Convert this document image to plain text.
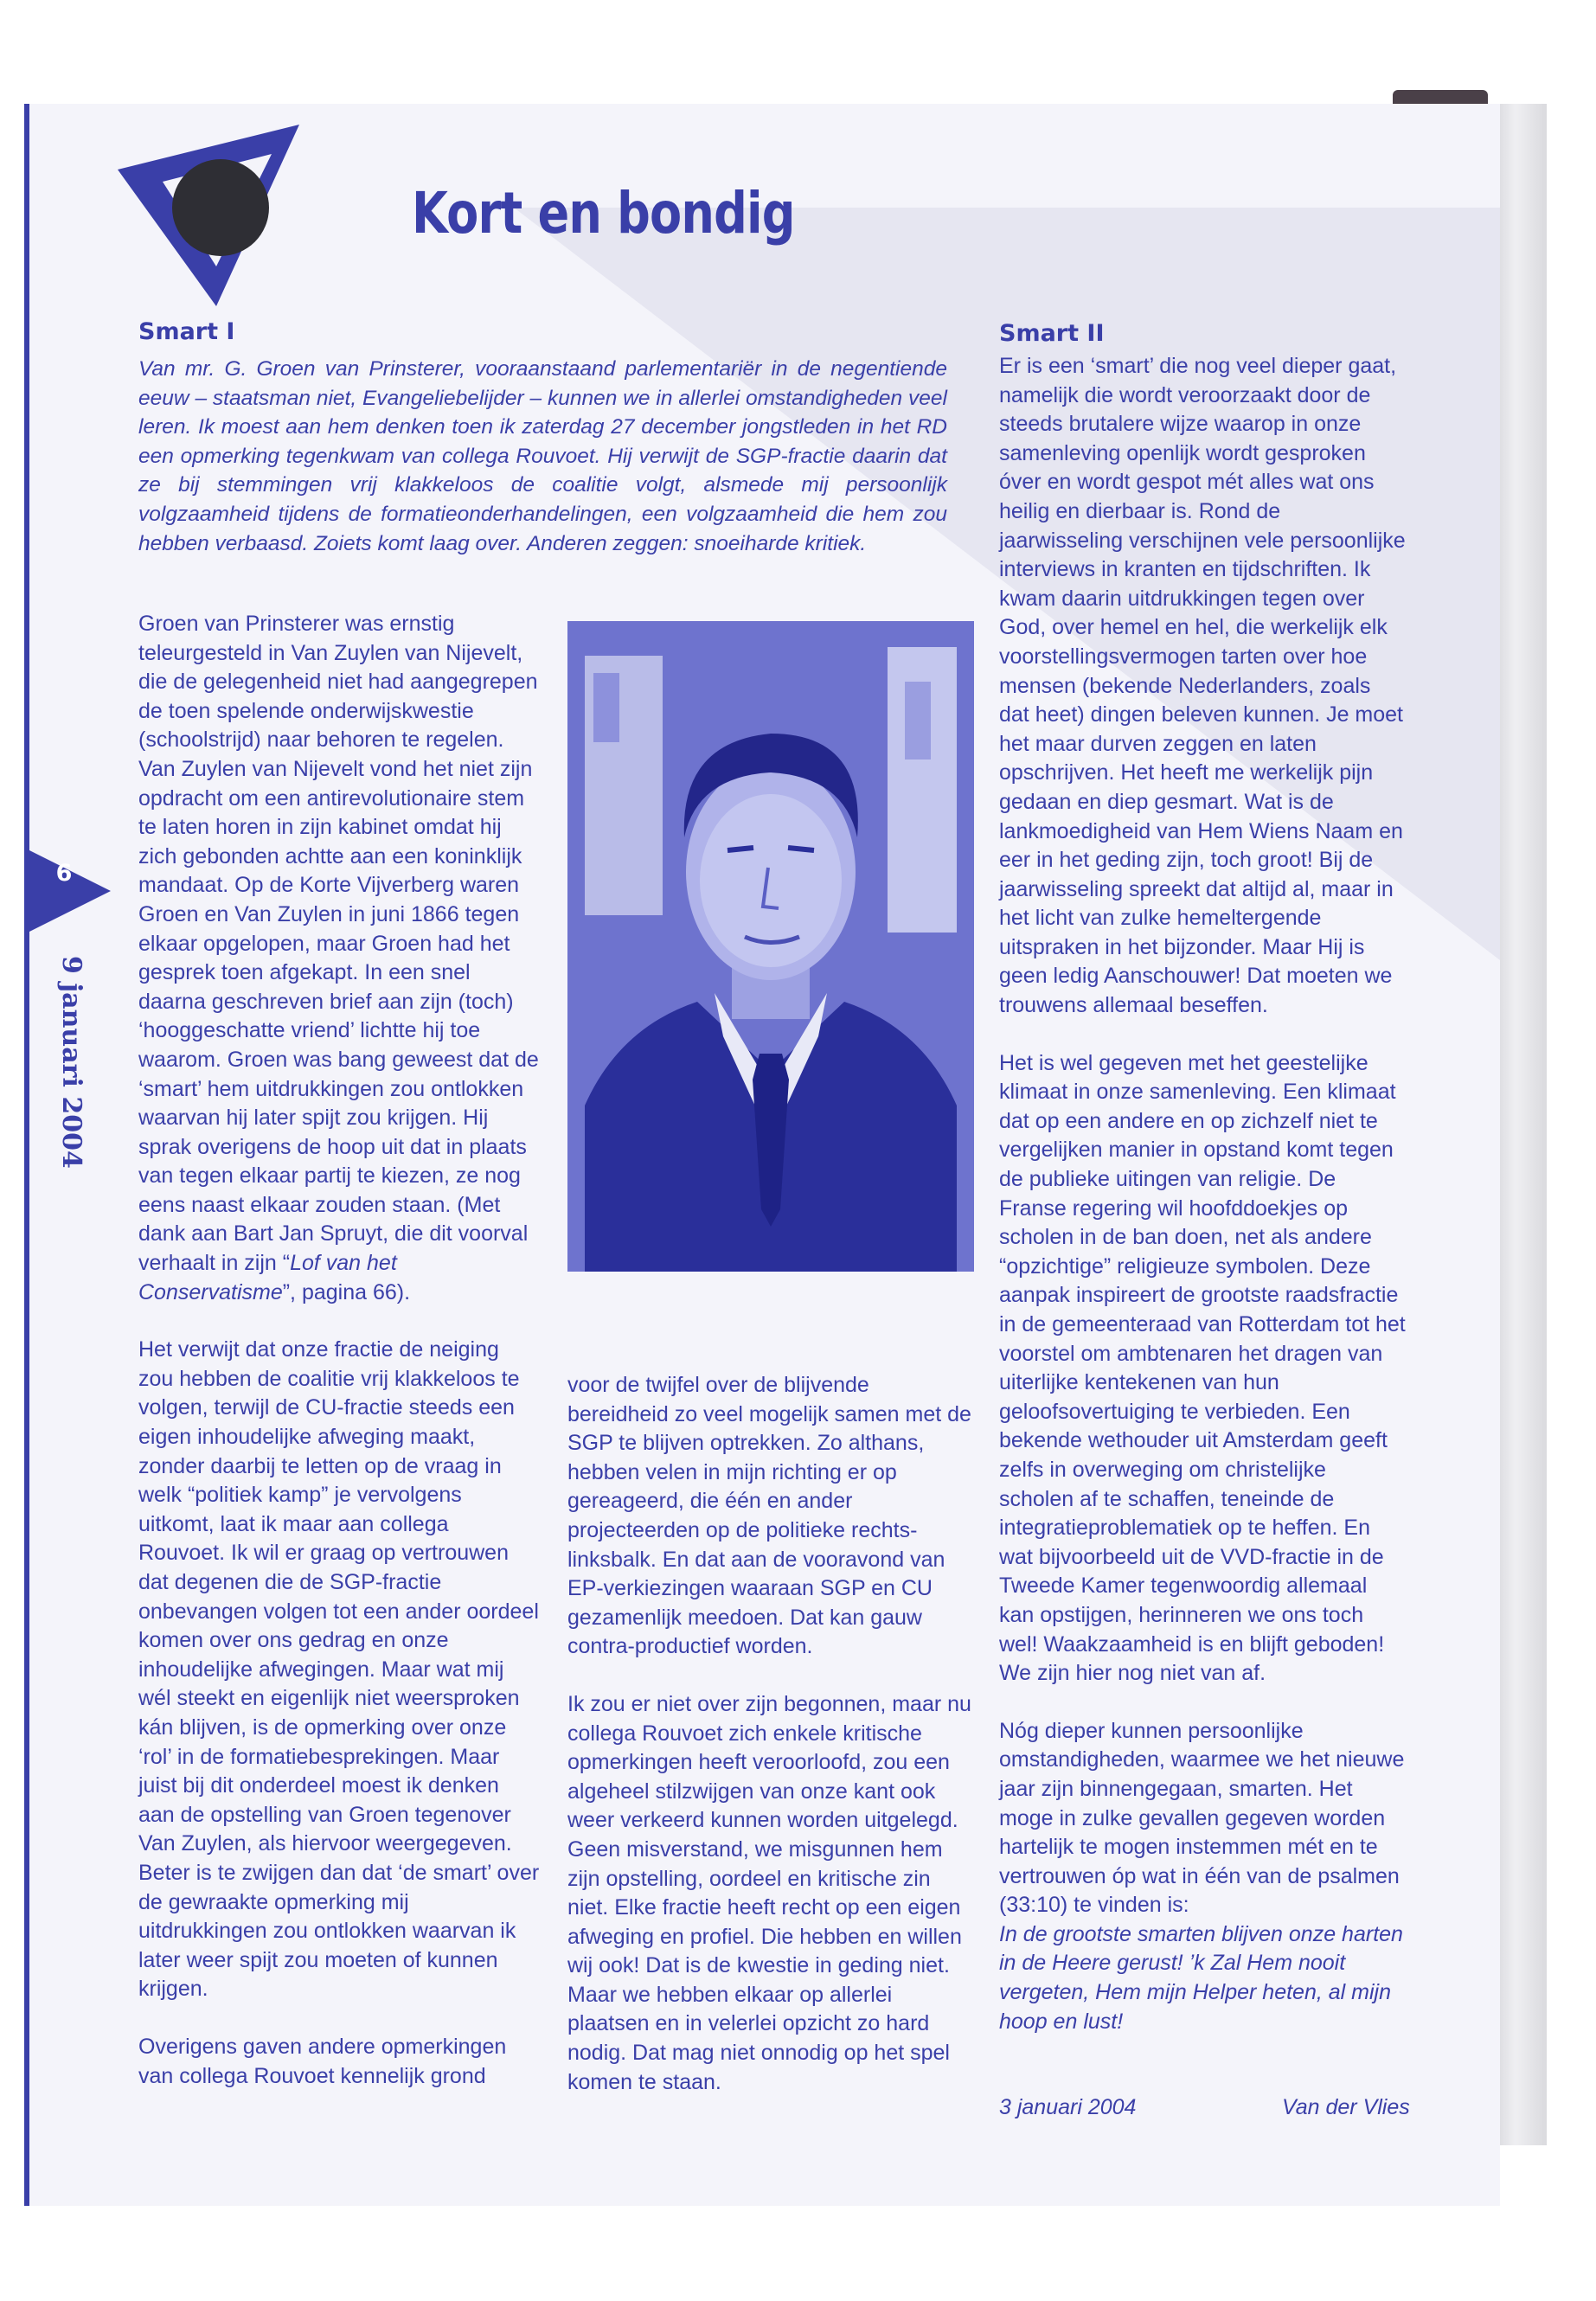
Kort en bondig
Smart I

Van mr. G. Groen van Prinsterer, vooraanstaand parlementariër in de negentiende eeuw – staatsman niet, Evangeliebelijder – kunnen we in allerlei omstandigheden veel leren. Ik moest aan hem denken toen ik zaterdag 27 december jongstleden in het RD een opmerking tegenkwam van collega Rouvoet. Hij verwijt de SGP-fractie daarin dat ze bij stemmingen vrij klakkeloos de coalitie volgt, alsmede mij persoonlijk volgzaamheid tijdens de formatieonderhandelingen, een volgzaamheid die hem zou hebben verbaasd. Zoiets komt laag over. Anderen zeggen: snoeiharde kritiek.

Groen van Prinsterer was ernstig teleurgesteld in Van Zuylen van Nijevelt, die de gelegenheid niet had aangegrepen de toen spelende onderwijskwestie (schoolstrijd) naar behoren te regelen. Van Zuylen van Nijevelt vond het niet zijn opdracht om een antirevolutionaire stem te laten horen in zijn kabinet omdat hij zich gebonden achtte aan een koninklijk mandaat. Op de Korte Vijverberg waren Groen en Van Zuylen in juni 1866 tegen elkaar opgelopen, maar Groen had het gesprek toen afgekapt. In een snel daarna geschreven brief aan zijn (toch) ‘hooggeschatte vriend’ lichtte hij toe waarom. Groen was bang geweest dat de ‘smart’ hem uitdrukkingen zou ontlokken waarvan hij later spijt zou krijgen. Hij sprak overigens de hoop uit dat in plaats van tegen elkaar partij te kiezen, ze nog eens naast elkaar zouden staan. (Met dank aan Bart Jan Spruyt, die dit voorval verhaalt in zijn “Lof van het Conservatisme”, pagina 66).

Het verwijt dat onze fractie de neiging zou hebben de coalitie vrij klakkeloos te volgen, terwijl de CU-fractie steeds een eigen inhoudelijke afweging maakt, zonder daarbij te letten op de vraag in welk “politiek kamp” je vervolgens uitkomt, laat ik maar aan collega Rouvoet. Ik wil er graag op vertrouwen dat degenen die de SGP-fractie onbevangen volgen tot een ander oordeel komen over ons gedrag en onze inhoudelijke afwegingen. Maar wat mij wél steekt en eigenlijk niet weersproken kán blijven, is de opmerking over onze ‘rol’ in de formatiebesprekingen. Maar juist bij dit onderdeel moest ik denken aan de opstelling van Groen tegenover Van Zuylen, als hiervoor weergegeven. Beter is te zwijgen dan dat ‘de smart’ over de gewraakte opmerking mij uitdrukkingen zou ontlokken waarvan ik later weer spijt zou moeten of kunnen krijgen.

Overigens gaven andere opmerkingen van collega Rouvoet kennelijk grond

voor de twijfel over de blijvende bereidheid zo veel mogelijk samen met de SGP te blijven optrekken. Zo althans, hebben velen in mijn richting er op gereageerd, die één en ander projecteerden op de politieke rechts-linksbalk. En dat aan de vooravond van EP-verkiezingen waaraan SGP en CU gezamenlijk meedoen. Dat kan gauw contra-productief worden.

Ik zou er niet over zijn begonnen, maar nu collega Rouvoet zich enkele kritische opmerkingen heeft veroorloofd, zou een algeheel stilzwijgen van onze kant ook weer verkeerd kunnen worden uitgelegd. Geen misverstand, we misgunnen hem zijn opstelling, oordeel en kritische zin niet. Elke fractie heeft recht op een eigen afweging en profiel. Die hebben en willen wij ook! Dat is de kwestie in geding niet. Maar we hebben elkaar op allerlei plaatsen en in velerlei opzicht zo hard nodig. Dat mag niet onnodig op het spel komen te staan.

Smart II

Er is een ‘smart’ die nog veel dieper gaat, namelijk die wordt veroorzaakt door de steeds brutalere wijze waarop in onze samenleving openlijk wordt gesproken óver en wordt gespot mét alles wat ons heilig en dierbaar is. Rond de jaarwisseling verschijnen vele persoonlijke interviews in kranten en tijdschriften. Ik kwam daarin uitdrukkingen tegen over God, over hemel en hel, die werkelijk elk voorstellingsvermogen tarten over hoe mensen (bekende Nederlanders, zoals dat heet) dingen beleven kunnen. Je moet het maar durven zeggen en laten opschrijven. Het heeft me werkelijk pijn gedaan en diep gesmart. Wat is de lankmoedigheid van Hem Wiens Naam en eer in het geding zijn, toch groot! Bij de jaarwisseling spreekt dat altijd al, maar in het licht van zulke hemeltergende uitspraken in het bijzonder. Maar Hij is geen ledig Aanschouwer! Dat moeten we trouwens allemaal beseffen.

Het is wel gegeven met het geestelijke klimaat in onze samenleving. Een klimaat dat op een andere en op zichzelf niet te vergelijken manier in opstand komt tegen de publieke uitingen van religie. De Franse regering wil hoofddoekjes op scholen in de ban doen, net als andere “opzichtige” religieuze symbolen. Deze aanpak inspireert de grootste raadsfractie in de gemeenteraad van Rotterdam tot het voorstel om ambtenaren het dragen van uiterlijke kentekenen van hun geloofsovertuiging te verbieden. Een bekende wethouder uit Amsterdam geeft zelfs in overweging om christelijke scholen af te schaffen, teneinde de integratieproblematiek op te heffen. En wat bijvoorbeeld uit de VVD-fractie in de Tweede Kamer tegenwoordig allemaal kan opstijgen, herinneren we ons toch wel! Waakzaamheid is en blijft geboden! We zijn hier nog niet van af.

Nóg dieper kunnen persoonlijke omstandigheden, waarmee we het nieuwe jaar zijn binnengegaan, smarten. Het moge in zulke gevallen gegeven worden hartelijk te mogen instemmen mét en te vertrouwen óp wat in één van de psalmen (33:10) te vinden is:
In de grootste smarten blijven onze harten in de Heere gerust! ’k Zal Hem nooit vergeten, Hem mijn Helper heten, al mijn hoop en lust!

3 januari 2004	Van der Vlies
6
9 januari 2004
